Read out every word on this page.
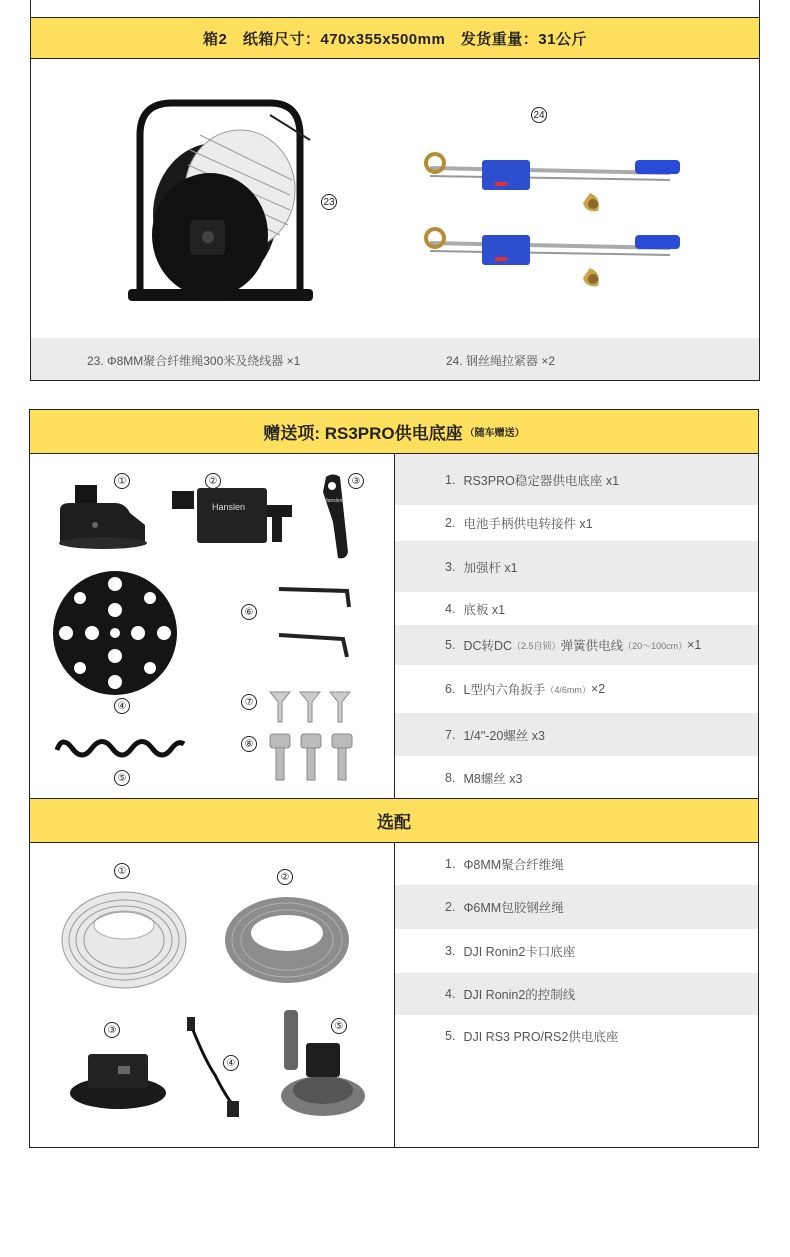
箱2　纸箱尺寸：470x355x500mm　发货重量：31公斤
23
24
23. Φ8MM聚合纤维绳300米及绕线器 ×1	24. 钢丝绳拉紧器 ×2
赠送项: RS3PRO供电底座 （随车赠送）
1. RS3PRO稳定器供电底座 x1
2. 电池手柄供电转接件 x1
3. 加强杆 x1
4. 底板 x1
5. DC转DC （2.5自锁） 弹簧供电线 （20～100cm） ×1
6. L型内六角扳手 （4/6mm） ×2
7. 1/4"-20螺丝 x3
8. M8螺丝 x3
①	②	③
④
⑤
⑥
⑦
⑧
Hanslen
Hanslen
选配
1. Φ8MM聚合纤维绳
2. Φ6MM包胶钢丝绳
3. DJI Ronin2卡口底座
4. DJI Ronin2的控制线
5. DJI RS3 PRO/RS2供电底座
①
②
③
④
⑤
